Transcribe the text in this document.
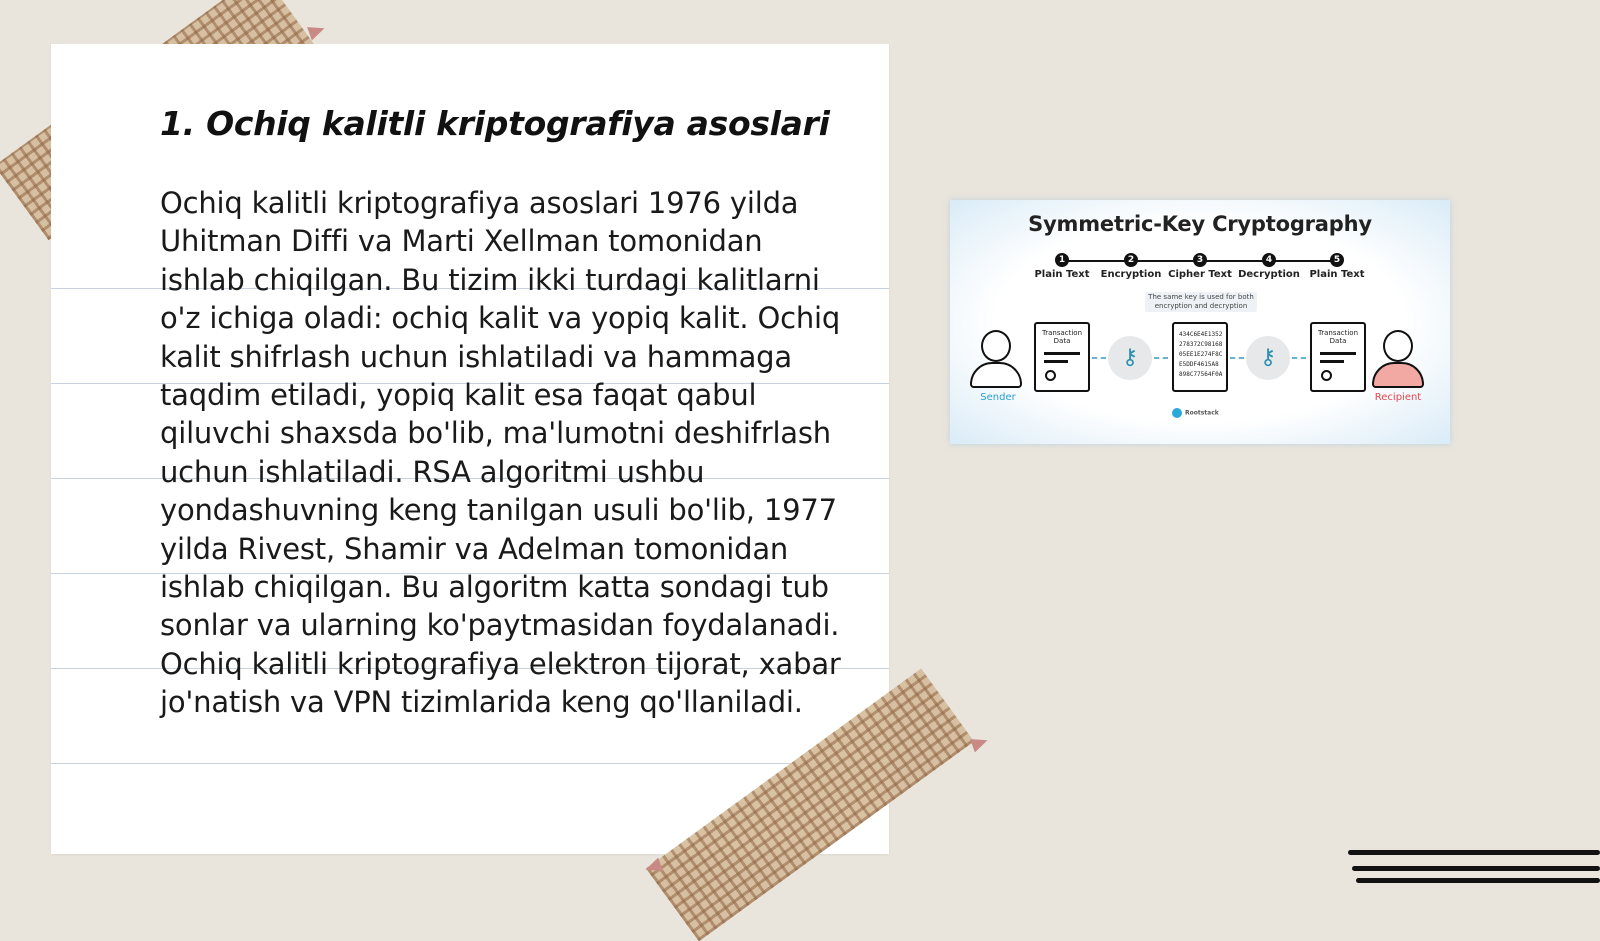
1. Ochiq kalitli kriptografiya asoslari

Ochiq kalitli kriptografiya asoslari 1976 yilda Uhitman Diffi va Marti Xellman tomonidan ishlab chiqilgan. Bu tizim ikki turdagi kalitlarni o'z ichiga oladi: ochiq kalit va yopiq kalit. Ochiq kalit shifrlash uchun ishlatiladi va hammaga taqdim etiladi, yopiq kalit esa faqat qabul qiluvchi shaxsda bo'lib, ma'lumotni deshifrlash uchun ishlatiladi. RSA algoritmi ushbu yondashuvning keng tanilgan usuli bo'lib, 1977 yilda Rivest, Shamir va Adelman tomonidan ishlab chiqilgan. Bu algoritm katta sondagi tub sonlar va ularning ko'paytmasidan foydalanadi. Ochiq kalitli kriptografiya elektron tijorat, xabar jo'natish va VPN tizimlarida keng qo'llaniladi.

Symmetric-Key Cryptography
1
Plain Text
2
Encryption
3
Cipher Text
4
Decryption
5
Plain Text
The same key is used for both encryption and decryption
Sender
Transaction Data
⚷
434C6E4E1352
278372C98168
05EE1E274F8C
E5DDF4615A8
898C77564F0A
⚷
Transaction Data
Recipient
Rootstack
